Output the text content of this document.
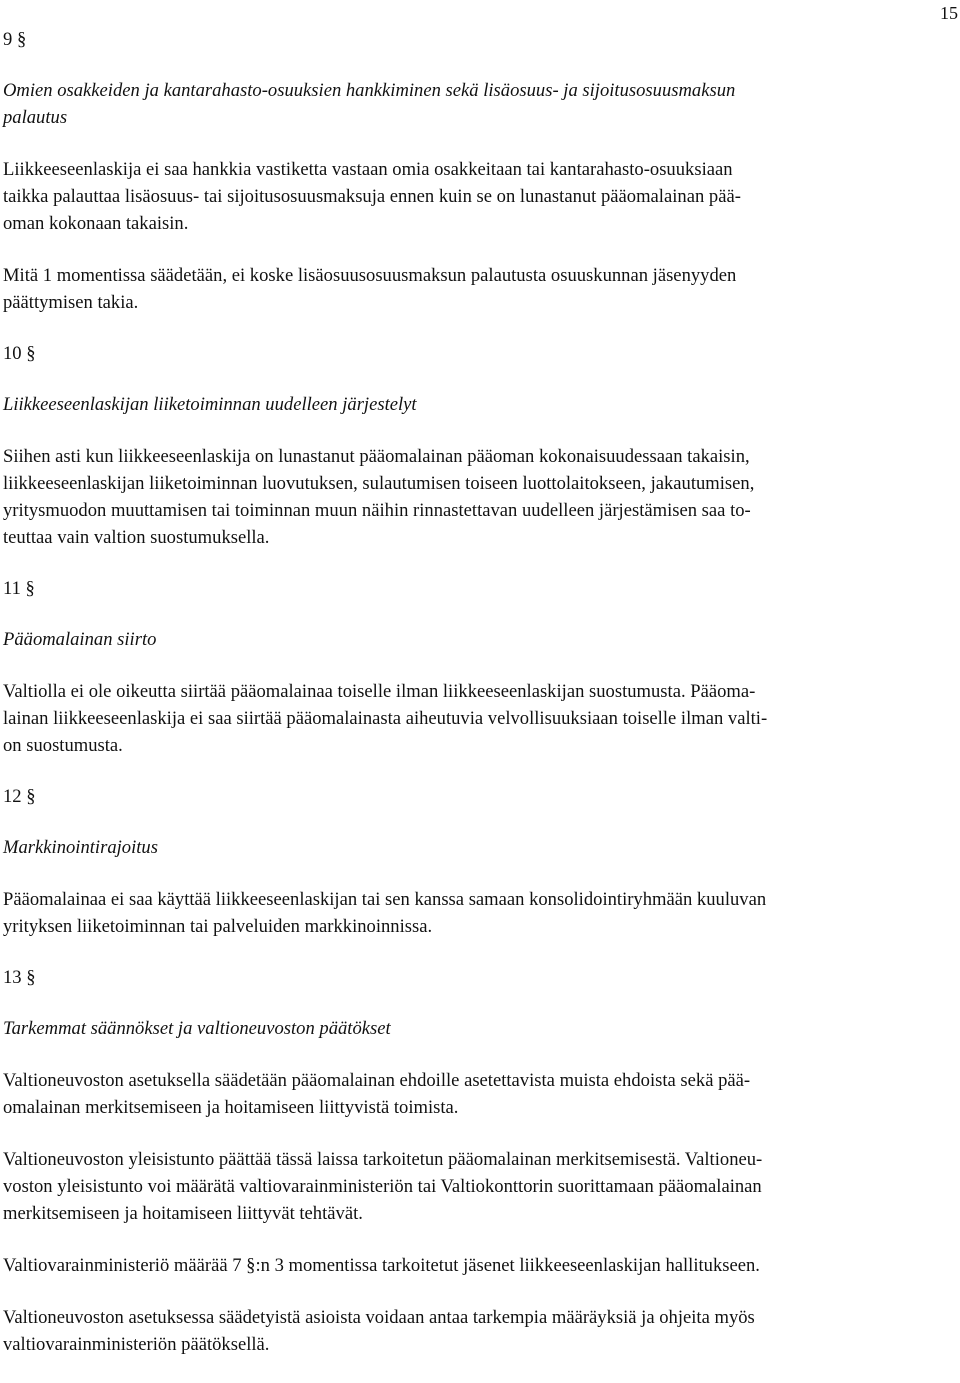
15

9 §

Omien osakkeiden ja kantarahasto-osuuksien hankkiminen sekä lisäosuus- ja sijoitusosuusmaksun
palautus

Liikkeeseenlaskija ei saa hankkia vastiketta vastaan omia osakkeitaan tai kantarahasto-osuuksiaan
taikka palauttaa lisäosuus- tai sijoitusosuusmaksuja ennen kuin se on lunastanut pääomalainan pää-
oman kokonaan takaisin.

Mitä 1 momentissa säädetään, ei koske lisäosuusosuusmaksun palautusta osuuskunnan jäsenyyden
päättymisen takia.

10 §

Liikkeeseenlaskijan liiketoiminnan uudelleen järjestelyt

Siihen asti kun liikkeeseenlaskija on lunastanut pääomalainan pääoman kokonaisuudessaan takaisin,
liikkeeseenlaskijan liiketoiminnan luovutuksen, sulautumisen toiseen luottolaitokseen, jakautumisen,
yritysmuodon muuttamisen tai toiminnan muun näihin rinnastettavan uudelleen järjestämisen saa to-
teuttaa vain valtion suostumuksella.

11 §

Pääomalainan siirto

Valtiolla ei ole oikeutta siirtää pääomalainaa toiselle ilman liikkeeseenlaskijan suostumusta. Pääoma-
lainan liikkeeseenlaskija ei saa siirtää pääomalainasta aiheutuvia velvollisuuksiaan toiselle ilman valti-
on suostumusta.

12 §

Markkinointirajoitus

Pääomalainaa ei saa käyttää liikkeeseenlaskijan tai sen kanssa samaan konsolidointiryhmään kuuluvan
yrityksen liiketoiminnan tai palveluiden markkinoinnissa.

13 §

Tarkemmat säännökset ja valtioneuvoston päätökset

Valtioneuvoston asetuksella säädetään pääomalainan ehdoille asetettavista muista ehdoista sekä pää-
omalainan merkitsemiseen ja hoitamiseen liittyvistä toimista.

Valtioneuvoston yleisistunto päättää tässä laissa tarkoitetun pääomalainan merkitsemisestä. Valtioneu-
voston yleisistunto voi määrätä valtiovarainministeriön tai Valtiokonttorin suorittamaan pääomalainan
merkitsemiseen ja hoitamiseen liittyvät tehtävät.

Valtiovarainministeriö määrää 7 §:n 3 momentissa tarkoitetut jäsenet liikkeeseenlaskijan hallitukseen.

Valtioneuvoston asetuksessa säädetyistä asioista voidaan antaa tarkempia määräyksiä ja ohjeita myös
valtiovarainministeriön päätöksellä.
